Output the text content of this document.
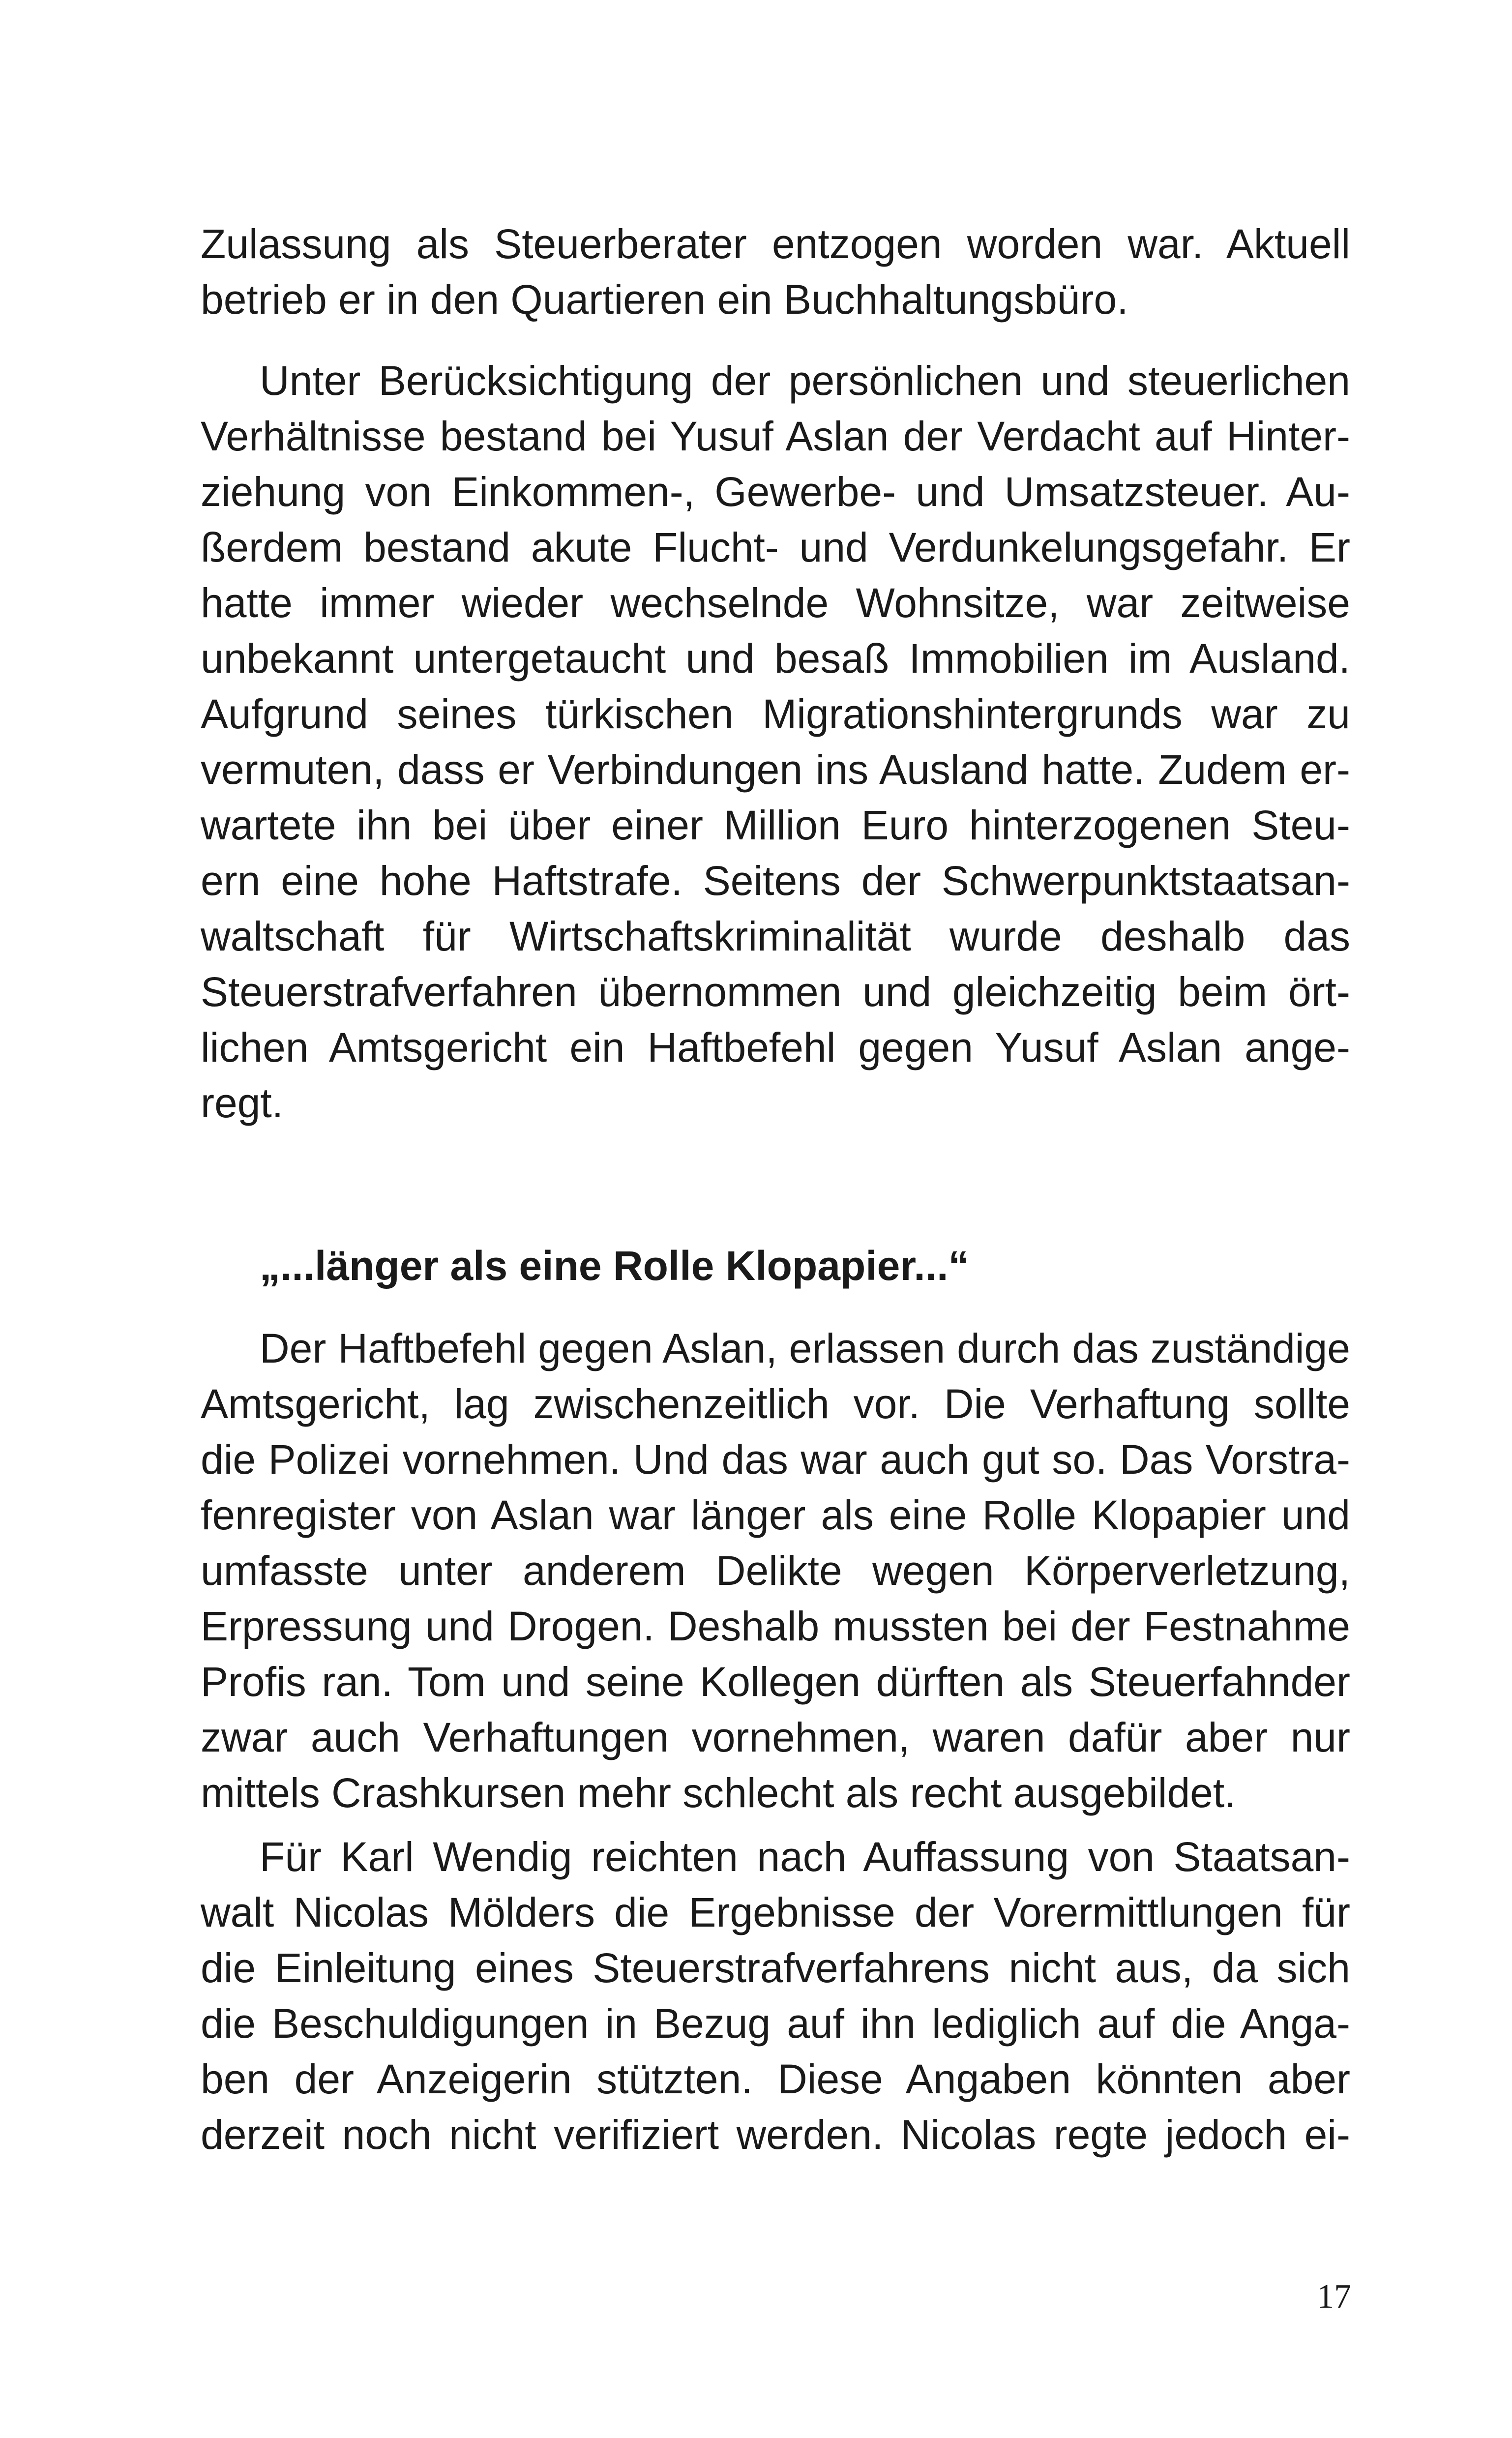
Zulassung als Steuerberater entzogen worden war. Aktuell
betrieb er in den Quartieren ein Buchhaltungsbüro.
Unter Berücksichtigung der persönlichen und steuerlichen
Verhältnisse bestand bei Yusuf Aslan der Verdacht auf Hinter-
ziehung von Einkommen-, Gewerbe- und Umsatzsteuer. Au-
ßerdem bestand akute Flucht- und Verdunkelungsgefahr. Er
hatte immer wieder wechselnde Wohnsitze, war zeitweise
unbekannt untergetaucht und besaß Immobilien im Ausland.
Aufgrund seines türkischen Migrationshintergrunds war zu
vermuten, dass er Verbindungen ins Ausland hatte. Zudem er-
wartete ihn bei über einer Million Euro hinterzogenen Steu-
ern eine hohe Haftstrafe. Seitens der Schwerpunktstaatsan-
waltschaft für Wirtschaftskriminalität wurde deshalb das
Steuerstrafverfahren übernommen und gleichzeitig beim ört-
lichen Amtsgericht ein Haftbefehl gegen Yusuf Aslan ange-
regt.
„...länger als eine Rolle Klopapier...“
Der Haftbefehl gegen Aslan, erlassen durch das zuständige
Amtsgericht, lag zwischenzeitlich vor. Die Verhaftung sollte
die Polizei vornehmen. Und das war auch gut so. Das Vorstra-
fenregister von Aslan war länger als eine Rolle Klopapier und
umfasste unter anderem Delikte wegen Körperverletzung,
Erpressung und Drogen. Deshalb mussten bei der Festnahme
Profis ran. Tom und seine Kollegen dürften als Steuerfahnder
zwar auch Verhaftungen vornehmen, waren dafür aber nur
mittels Crashkursen mehr schlecht als recht ausgebildet.
Für Karl Wendig reichten nach Auffassung von Staatsan-
walt Nicolas Mölders die Ergebnisse der Vorermittlungen für
die Einleitung eines Steuerstrafverfahrens nicht aus, da sich
die Beschuldigungen in Bezug auf ihn lediglich auf die Anga-
ben der Anzeigerin stützten. Diese Angaben könnten aber
derzeit noch nicht verifiziert werden. Nicolas regte jedoch ei-
17
